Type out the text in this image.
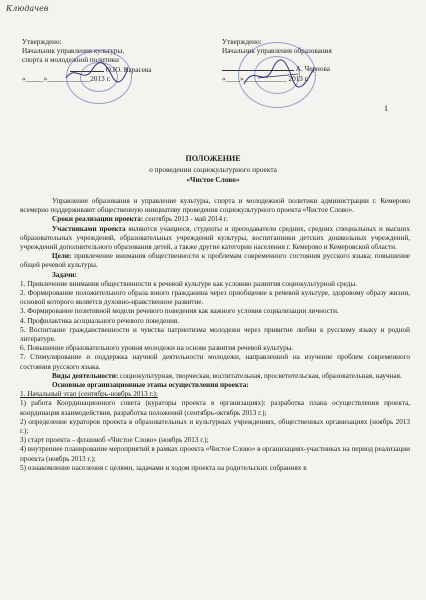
Клюдачев
Утверждено:
Начальник управления культуры,
спорта и молодежной политики
О.Ю. Карасева
«_____»____________2013 г.
Утверждено:
Начальник управления образования
А. Чернова
«____»____________ 2013 г.
1
ПОЛОЖЕНИЕ
о проведении социокультурного проекта
«Чистое Слово»

Управление образования и управление культуры, спорта и молодежной политики администрации г. Кемерово всемерно поддерживают общественную инициативу проведения социокультурного проекта «Чистое Слово».

Сроки реализации проекта: сентябрь 2013 - май 2014 г.

Участниками проекта являются учащиеся, студенты и преподаватели средних, средних специальных и высших образовательных учреждений, образовательных учреждений культуры, воспитанники детских дошкольных учреждений, учреждений дополнительного образования детей, а также другие категории населения г. Кемерово и Кемеровской области.

Цели: привлечение внимания общественности к проблемам современного состояния русского языка; повышение общей речевой культуры.

Задачи:

1. Привлечение внимания общественности к речевой культуре как условию развития социокультурной среды.

2. Формирование положительного образа юного гражданина через приобщение к речевой культуре, здоровому образу жизни, основой которого является духовно-нравственное развитие.

3. Формирование позитивной модели речевого поведения как важного условия социализации личности.

4. Профилактика асоциального речевого поведения.

5. Воспитание гражданственности и чувства патриотизма молодежи через привитие любви к русскому языку и родной литературе.

6. Повышение образовательного уровня молодежи на основе развития речевой культуры.

7. Стимулирование и поддержка научной деятельности молодежи, направленной на изучение проблем современного состояния русского языка.

Виды деятельности: социокультурная, творческая, воспитательная, просветительская, образовательная, научная.

Основные организационные этапы осуществления проекта:

1. Начальный этап (сентябрь-ноябрь 2013 г.):

1) работа Координационного совета (кураторы проекта в организациях): разработка плана осуществления проекта, координация взаимодействия, разработка положений (сентябрь-октябрь 2013 г.);

2) определение кураторов проекта в образовательных и культурных учреждениях, общественных организациях (ноябрь 2013 г.);

3) старт проекта – флэшмоб «Чистое Слово» (ноябрь 2013 г.);

4) внутреннее планирование мероприятий в рамках проекта «Чистое Слово» в организациях-участниках на период реализации проекта (ноябрь 2013 г.);

5) ознакомление населения с целями, задачами и ходом проекта на родительских собраниях в
